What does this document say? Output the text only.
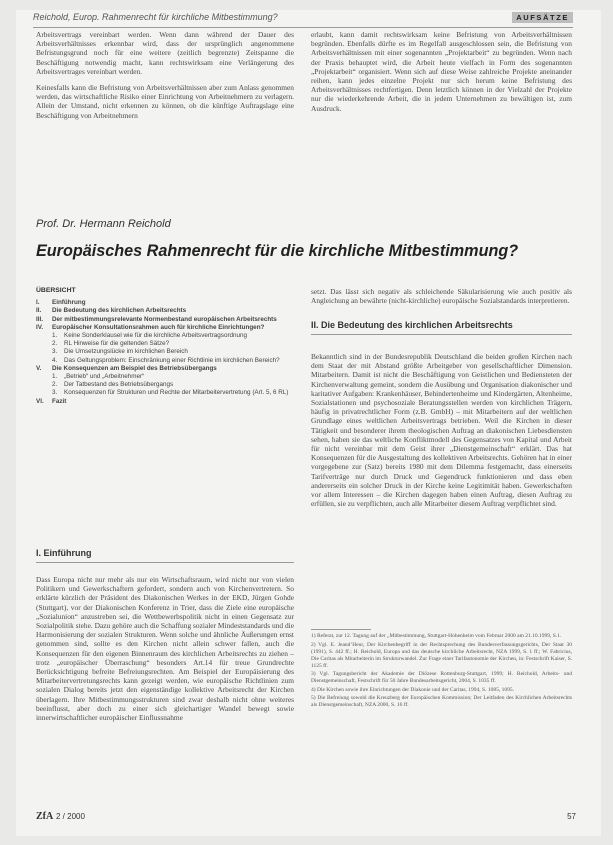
Reichold, Europ. Rahmenrecht für kirchliche Mitbestimmung?	AUFSÄTZE

Arbeitsvertrags vereinbart werden. Wenn dann während der Dauer des Arbeitsverhältnisses erkennbar wird, dass der ursprünglich angenommene Befristungsgrund noch für eine weitere (zeitlich begrenzte) Zeitspanne die Beschäftigung notwendig macht, kann rechtswirksam eine Verlängerung des Arbeitsvertrages vereinbart werden.

Keinesfalls kann die Befristung von Arbeitsverhältnissen aber zum Anlass genommen werden, das wirtschaftliche Risiko einer Einrichtung von Arbeitnehmern zu verlagern. Allein der Umstand, nicht erkennen zu können, ob die künftige Auftragslage eine Beschäftigung von Arbeitnehmern

erlaubt, kann damit rechtswirksam keine Befristung von Arbeitsverhältnissen begründen. Ebenfalls dürfte es im Regelfall ausgeschlossen sein, die Befristung von Arbeitsverhältnissen mit einer sogenannten „Projektarbeit“ zu begründen. Wenn nach der Praxis behauptet wird, die Arbeit heute vielfach in Form des sogenannten „Projektarbeit“ organisiert. Wenn sich auf diese Weise zahlreiche Projekte aneinander reihen, kann jedes einzelne Projekt nur sich herum keine Befristung des Arbeitsverhältnisses rechtfertigen. Denn letztlich können in der Vielzahl der Projekte nur die wiederkehrende Arbeit, die in jedem Unternehmen zu bewältigen ist, zum Ausdruck.

Prof. Dr. Hermann Reichold
Europäisches Rahmenrecht für die kirchliche Mitbestimmung?
ÜBERSICHT
I.	Einführung
II.	Die Bedeutung des kirchlichen Arbeitsrechts
III.	Der mitbestimmungsrelevante Normenbestand europäischen Arbeitsrechts
IV.	Europäischer Konsultationsrahmen auch für kirchliche Einrichtungen?
1.	Keine Sonderklausel wie für die kirchliche Arbeitsvertragsordnung
2.	RL Hinweise für die geltenden Sätze?
3.	Die Umsetzungslücke im kirchlichen Bereich
4.	Das Geltungsproblem: Einschränkung einer Richtlinie im kirchlichen Bereich?
V.	Die Konsequenzen am Beispiel des Betriebsübergangs
1.	„Betrieb“ und „Arbeitnehmer“
2.	Der Tatbestand des Betriebsübergangs
3.	Konsequenzen für Strukturen und Rechte der Mitarbeitervertretung (Art. 5, 6 RL)
VI.	Fazit
I. Einführung

Dass Europa nicht nur mehr als nur ein Wirtschaftsraum, wird nicht nur von vielen Politikern und Gewerkschaftern gefordert, sondern auch von Kirchenvertretern. So erklärte kürzlich der Präsident des Diakonischen Werkes in der EKD, Jürgen Gohde (Stuttgart), vor der Diakonischen Konferenz in Trier, dass die Ziele eine europäische „Sozialunion“ anzustreben sei, die Wettbewerbspolitik nicht in einen Gegensatz zur Sozialpolitik stehe. Dazu gehöre auch die Schaffung sozialer Mindeststandards und die Harmonisierung der sozialen Strukturen. Wenn solche und ähnliche Äußerungen ernst genommen sind, sollte es den Kirchen nicht allein schwer fallen, auch die Konsequenzen für den eigenen Binnenraum des kirchlichen Arbeitsrechts zu ziehen – trotz „europäischer Überraschung“ besonders Art.14 für treue Grundrechte Berücksichtigung befreite Befreiungsrechten. Am Beispiel der Europäisierung des Mitarbeitervertretungsrechts kann gezeigt werden, wie europäische Richtlinien zum sozialen Dialog bereits jetzt den eigenständige kollektive Arbeitsrecht der Kirchen überlagern. Ihre Mitbestimmungsstrukturen sind zwar deshalb nicht ohne weiteres beeinflusst, aber doch zu einer sich gleichartiger Wandel bewegt sowie innerwirtschaftlicher europäischer Einflussnahme

setzt. Das lässt sich negativ als schleichende Säkularisierung wie auch positiv als Angleichung an bewährte (nicht-kirchliche) europäische Sozialstandards interpretieren.

II. Die Bedeutung des kirchlichen Arbeitsrechts

Bekanntlich sind in der Bundesrepublik Deutschland die beiden großen Kirchen nach dem Staat der mit Abstand größte Arbeitgeber von gesellschaftlicher Dimension. Mitarbeitern. Damit ist nicht die Beschäftigung von Geistlichen und Bediensteten der Kirchenverwaltung gemeint, sondern die Ausübung und Organisation diakonischer und karitativer Aufgaben: Krankenhäuser, Behindertenheime und Kindergärten, Altenheime, Sozialstationen und psychosoziale Beratungsstellen werden von kirchlichen Trägern, häufig in privatrechtlicher Form (z.B. GmbH) – mit Mitarbeitern auf der weltlichen Grundlage eines weltlichen Arbeitsvertrags betrieben. Weil die Kirchen in dieser Tätigkeit und besonderer ihrem theologischen Auftrag an diakonischen Liebesdiensten sehen, haben sie das weltliche Konfliktmodell des Gegensatzes von Kapital und Arbeit für nicht vereinbar mit dem Geist ihrer „Dienstgemeinschaft“ erklärt. Das hat Konsequenzen für die Ausgestaltung des kollektiven Arbeitsrechts. Gehören hat in einer vorgegebene zur (Satz) bereits 1980 mit dem Dilemma festgemacht, dass einerseits Tarifverträge nur durch Druck und Gegendruck funktionieren und dass eben andererseits ein solcher Druck in der Kirche keine Legitimität haben. Gewerkschaften vor allem Interessen – die Kirchen dagegen haben einen Auftrag, diesen Auftrag zu erfüllen, sie zu verpflichten, auch alle Mitarbeiter diesem Auftrag verpflichtet sind.

1) Referat, zur 12. Tagung auf der „Mitbestimmung, Stuttgart-Hohenheim vom Februar 2000 am 21.10.1999, S.1.

2) Vgl. E. Jeand’Heur, Der Kirchenbegriff in der Rechtsprechung des Bundesverfassungsgerichts, Der Staat 30 (1991), S. 442 ff.; H. Reichold, Europa und das deutsche kirchliche Arbeitsrecht, NZA 1999, S. 1 ff.; W. Fabricius, Die Caritas als Mitarbeiterin im Strukturwandel. Zur Frage einer Tarifautonomie der Kirchen, in: Festschrift Kaiser, S. 1125 ff.

3) Vgl. Tagungsbericht der Akademie der Diözese Rottenburg-Stuttgart, 1999; H. Reichold, Arbeits- und Dienstgemeinschaft, Festschrift für 50 Jahre Bundesarbeitsgericht, 2004, S. 1035 ff.

4) Die Kirchen sowie ihre Einrichtungen der Diakonie und der Caritas, 1994, S. 1085, 1095.

5) Die Befreiung sowohl die Kreuzberg der Europäischen Kommission; Der Leitfaden des Kirchlichen Arbeitsrechts als Dienstgemeinschaft, NZA 2000, S. 16 ff.

ZfA 2 / 2000	57
